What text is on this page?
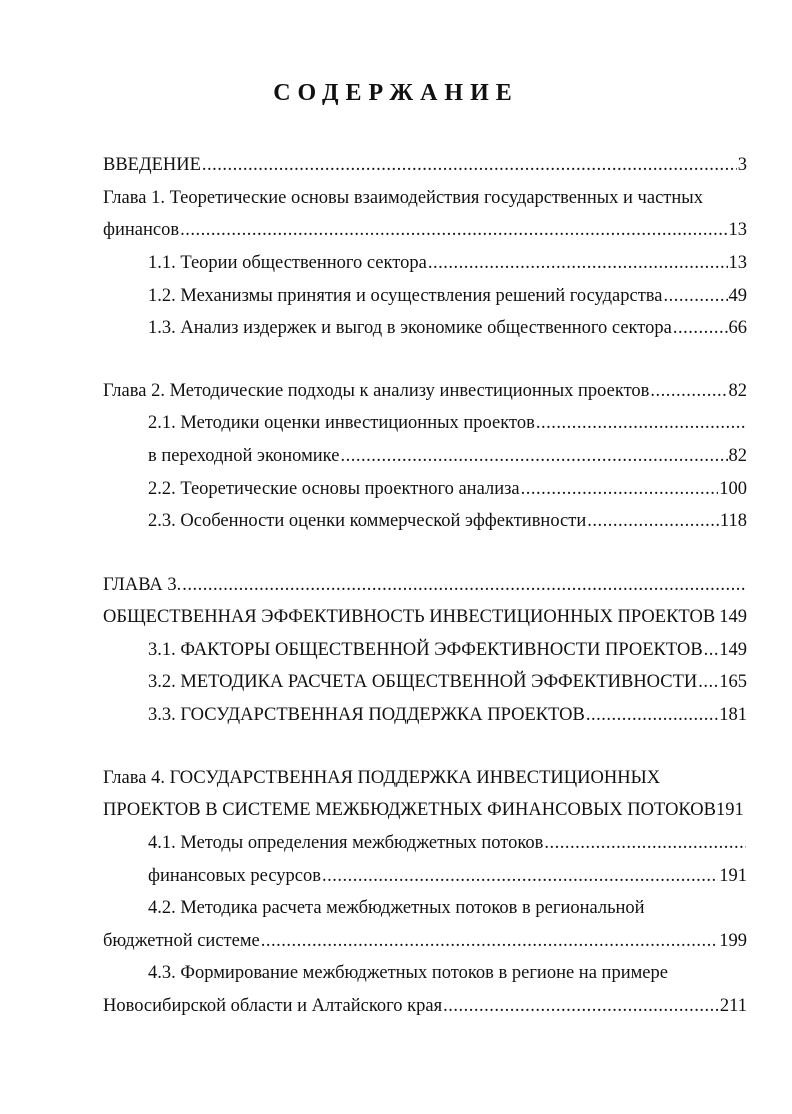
СОДЕРЖАНИЕ
ВВЕДЕНИЕ .....	3
Глава 1. Теоретические основы взаимодействия государственных и частных
финансов .....	13
1.1. Теории общественного сектора .....	13
1.2. Механизмы принятия и осуществления решений государства .....	49
1.3. Анализ издержек и выгод в экономике общественного сектора .....	66
Глава 2. Методические подходы к анализу инвестиционных проектов .....	82
2.1. Методики оценки инвестиционных проектов
.....
в переходной экономике .....	82
2.2. Теоретические основы проектного анализа .....	100
2.3. Особенности оценки коммерческой эффективности .....	118
ГЛАВА 3.
.....
ОБЩЕСТВЕННАЯ ЭФФЕКТИВНОСТЬ ИНВЕСТИЦИОННЫХ ПРОЕКТОВ 149
3.1. ФАКТОРЫ ОБЩЕСТВЕННОЙ ЭФФЕКТИВНОСТИ ПРОЕКТОВ ..... 149
3.2. МЕТОДИКА РАСЧЕТА ОБЩЕСТВЕННОЙ ЭФФЕКТИВНОСТИ ..... 165
3.3. ГОСУДАРСТВЕННАЯ ПОДДЕРЖКА ПРОЕКТОВ .....	181
Глава 4. ГОСУДАРСТВЕННАЯ ПОДДЕРЖКА ИНВЕСТИЦИОННЫХ
ПРОЕКТОВ В СИСТЕМЕ МЕЖБЮДЖЕТНЫХ ФИНАНСОВЫХ ПОТОКОВ 191
4.1. Методы определения межбюджетных потоков
.....
финансовых ресурсов .....	191
4.2. Методика расчета межбюджетных потоков в региональной
бюджетной системе .....	199
4.3. Формирование межбюджетных потоков в регионе на примере
Новосибирской области и Алтайского края .....	211
